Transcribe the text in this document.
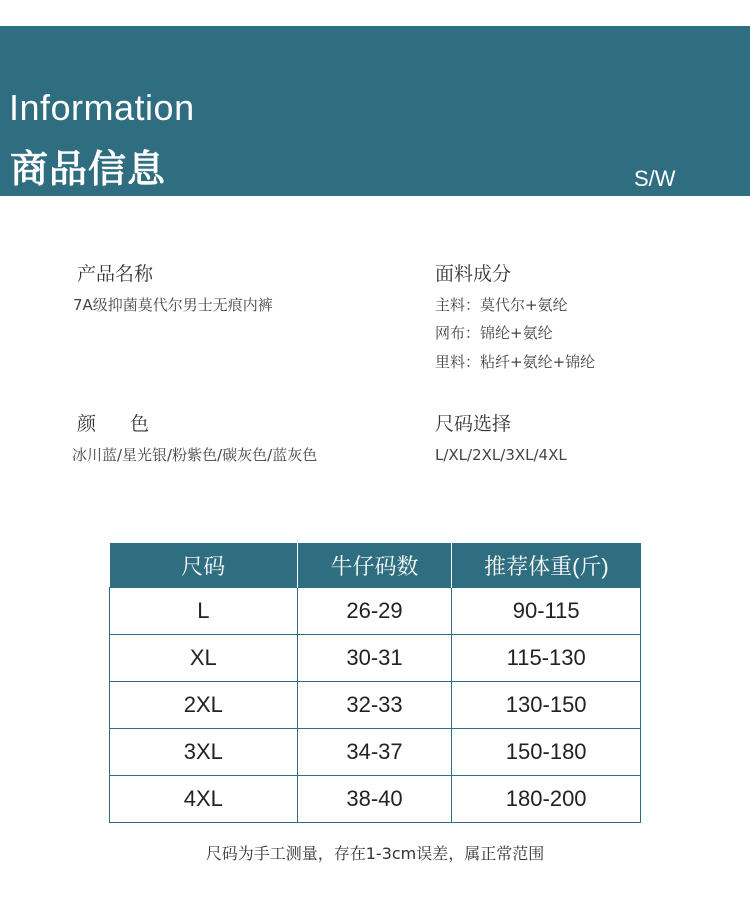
Information
商品信息	S/W
产品名称
7A级抑菌莫代尔男士无痕内裤
面料成分
主料：莫代尔+氨纶
网布：锦纶+氨纶
里料：粘纤+氨纶+锦纶
颜 色
冰川蓝/星光银/粉紫色/碳灰色/蓝灰色
尺码选择
L/XL/2XL/3XL/4XL
尺码	牛仔码数	推荐体重(斤)
L	26-29	90-115
XL	30-31	115-130
2XL	32-33	130-150
3XL	34-37	150-180
4XL	38-40	180-200
尺码为手工测量，存在1-3cm误差，属正常范围
